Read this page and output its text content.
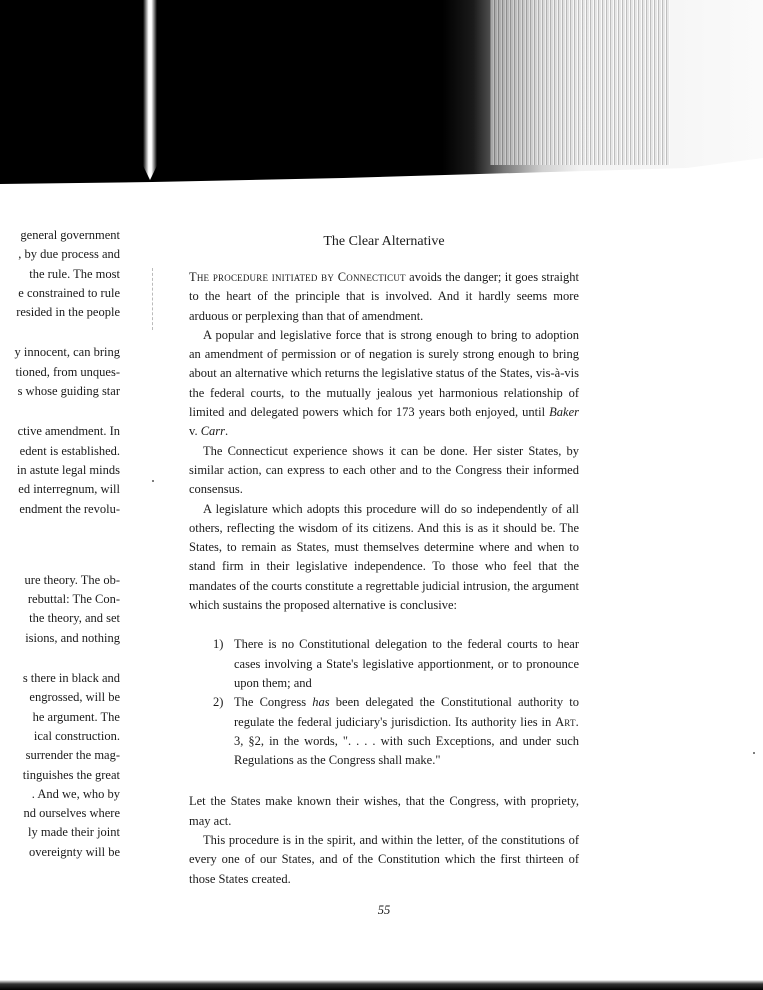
general government
, by due process and
the rule. The most
e constrained to rule
resided in the people
y innocent, can bring
tioned, from unques-
s whose guiding star
ctive amendment. In
edent is established.
in astute legal minds
ed interregnum, will
endment the revolu-
ure theory. The ob-
rebuttal: The Con-
the theory, and set
isions, and nothing
s there in black and
engrossed, will be
he argument. The
ical construction.
surrender the mag-
tinguishes the great
. And we, who by
nd ourselves where
ly made their joint
overeignty will be
The Clear Alternative

The procedure initiated by Connecticut avoids the danger; it goes straight to the heart of the principle that is involved. And it hardly seems more arduous or perplexing than that of amendment.

A popular and legislative force that is strong enough to bring to adoption an amendment of permission or of negation is surely strong enough to bring about an alternative which returns the legislative status of the States, vis-à-vis the federal courts, to the mutually jealous yet harmonious relationship of limited and delegated powers which for 173 years both enjoyed, until Baker v. Carr.

The Connecticut experience shows it can be done. Her sister States, by similar action, can express to each other and to the Congress their informed consensus.

A legislature which adopts this procedure will do so independently of all others, reflecting the wisdom of its citizens. And this is as it should be. The States, to remain as States, must themselves determine where and when to stand firm in their legislative independence. To those who feel that the mandates of the courts constitute a regrettable judicial intrusion, the argument which sustains the proposed alternative is conclusive:

1) There is no Constitutional delegation to the federal courts to hear cases involving a State's legislative apportionment, or to pronounce upon them; and
2) The Congress has been delegated the Constitutional authority to regulate the federal judiciary's jurisdiction. Its authority lies in Art. 3, §2, in the words, ". . . . with such Exceptions, and under such Regulations as the Congress shall make."

Let the States make known their wishes, that the Congress, with propriety, may act.

This procedure is in the spirit, and within the letter, of the constitutions of every one of our States, and of the Constitution which the first thirteen of those States created.

55
